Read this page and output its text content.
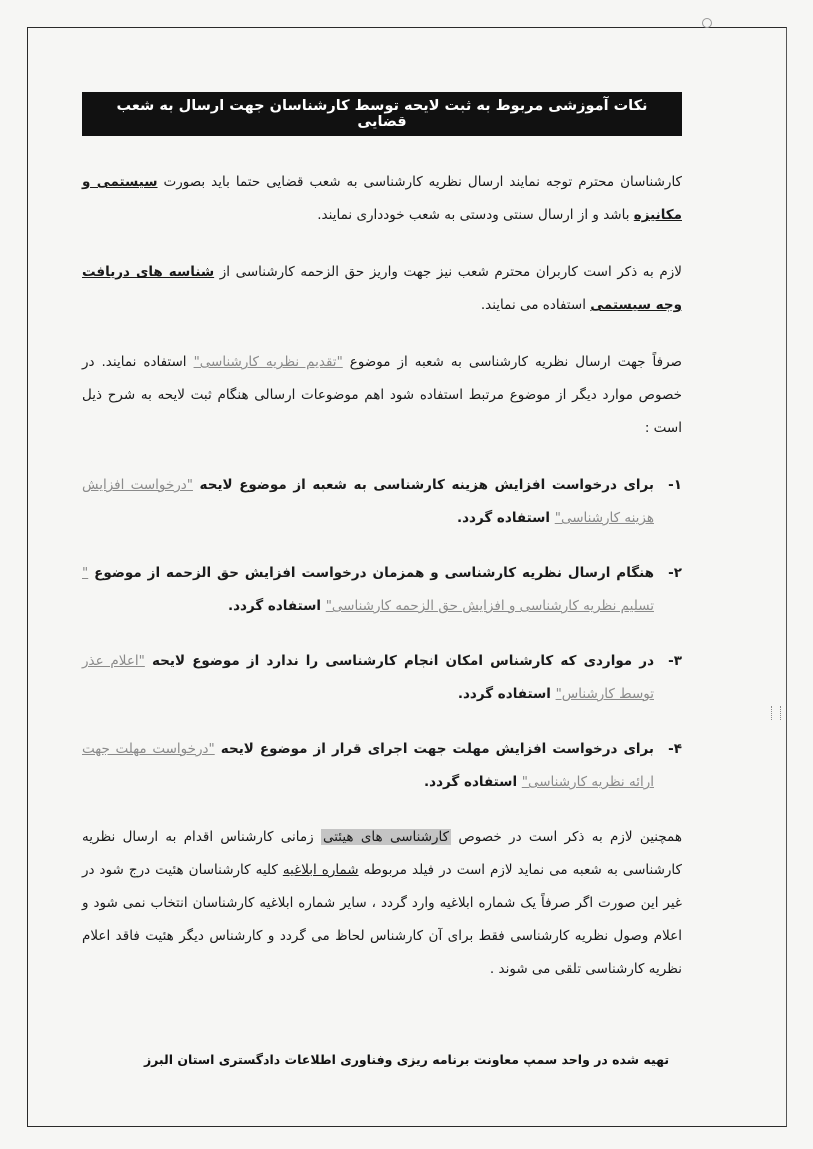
نکات آموزشی مربوط به ثبت لایحه توسط کارشناسان جهت ارسال به شعب قضایی

کارشناسان محترم توجه نمایند ارسال نظریه کارشناسی به شعب قضایی حتما باید بصورت سیستمی و مکانیزه باشد و از ارسال سنتی ودستی به شعب خودداری نمایند.

لازم به ذکر است کاربران محترم شعب نیز جهت واریز حق الزحمه کارشناسی از شناسه های دریافت وجه سیستمی استفاده می نمایند.

صرفاً جهت ارسال نظریه کارشناسی به شعبه از موضوع "تقدیم نظریه کارشناسی" استفاده نمایند. در خصوص موارد دیگر از موضوع مرتبط استفاده شود اهم موضوعات ارسالی هنگام ثبت لایحه به شرح ذیل است :

۱-
برای درخواست افزایش هزینه کارشناسی به شعبه از موضوع لایحه "درخواست افزایش هزینه کارشناسی" استفاده گردد.
۲-
هنگام ارسال نظریه کارشناسی و همزمان درخواست افزایش حق الزحمه از موضوع " تسلیم نظریه کارشناسی و افزایش حق الزحمه کارشناسی" استفاده گردد.
۳-
در مواردی که کارشناس امکان انجام کارشناسی را ندارد از موضوع لایحه "اعلام عذر توسط کارشناس" استفاده گردد.
۴-
برای درخواست افزایش مهلت جهت اجرای قرار از موضوع لایحه "درخواست مهلت جهت ارائه نظریه کارشناسی" استفاده گردد.

همچنین لازم به ذکر است در خصوص کارشناسی های هیئتی زمانی کارشناس اقدام به ارسال نظریه کارشناسی به شعبه می نماید لازم است در فیلد مربوطه شماره ابلاغیه کلیه کارشناسان هئیت درج شود در غیر این صورت اگر صرفاً یک شماره ابلاغیه وارد گردد ، سایر شماره ابلاغیه کارشناسان انتخاب نمی شود و اعلام وصول نظریه کارشناسی فقط برای آن کارشناس لحاظ می گردد و کارشناس دیگر هئیت فاقد اعلام نظریه کارشناسی تلقی می شوند .

تهیه شده در واحد سمپ معاونت برنامه ریزی وفناوری اطلاعات دادگستری استان البرز
